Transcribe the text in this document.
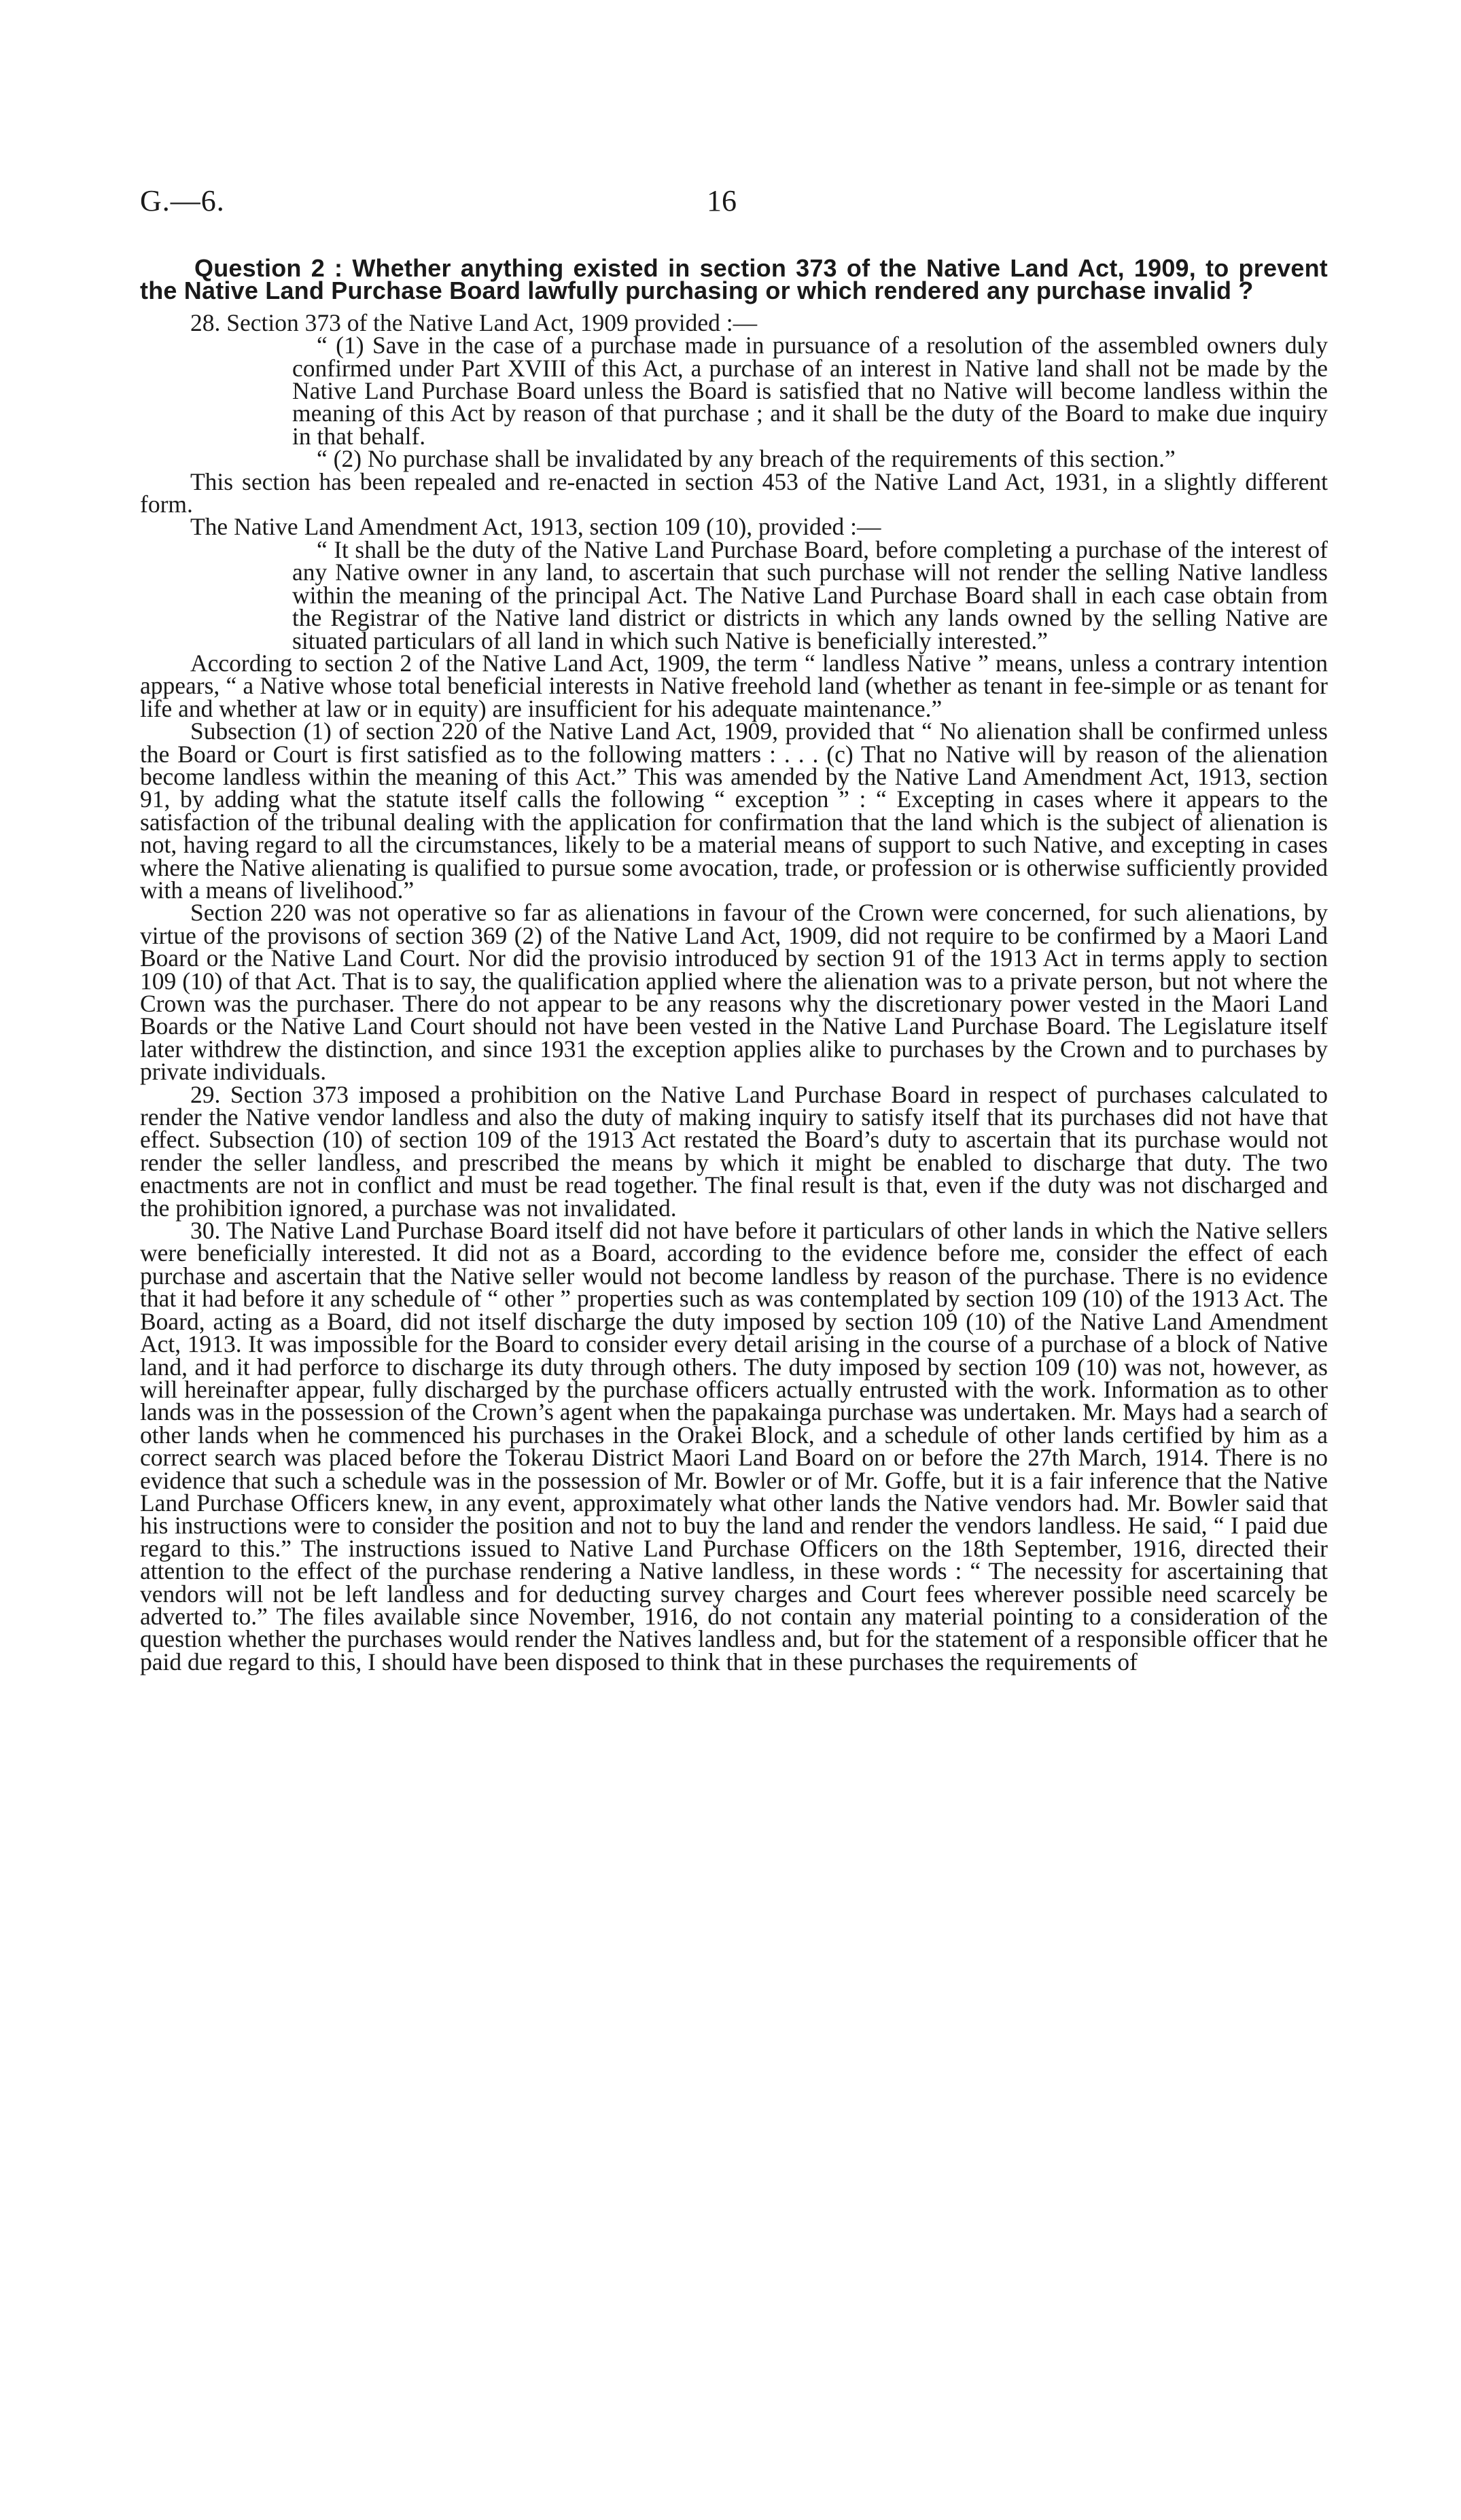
G.—6.	16

Question 2 : Whether anything existed in section 373 of the Native Land Act, 1909, to prevent the Native Land Purchase Board lawfully purchasing or which rendered any purchase invalid ?

28. Section 373 of the Native Land Act, 1909 provided :—

“ (1) Save in the case of a purchase made in pursuance of a resolution of the assembled owners duly confirmed under Part XVIII of this Act, a purchase of an interest in Native land shall not be made by the Native Land Purchase Board unless the Board is satisfied that no Native will become landless within the meaning of this Act by reason of that purchase ; and it shall be the duty of the Board to make due inquiry in that behalf.

“ (2) No purchase shall be invalidated by any breach of the requirements of this section.”

This section has been repealed and re-enacted in section 453 of the Native Land Act, 1931, in a slightly different form.

The Native Land Amendment Act, 1913, section 109 (10), provided :—

“ It shall be the duty of the Native Land Purchase Board, before completing a purchase of the interest of any Native owner in any land, to ascertain that such purchase will not render the selling Native landless within the meaning of the principal Act. The Native Land Purchase Board shall in each case obtain from the Registrar of the Native land district or districts in which any lands owned by the selling Native are situated particulars of all land in which such Native is beneficially interested.”

According to section 2 of the Native Land Act, 1909, the term “ landless Native ” means, unless a contrary intention appears, “ a Native whose total beneficial interests in Native freehold land (whether as tenant in fee-simple or as tenant for life and whether at law or in equity) are insufficient for his adequate maintenance.”

Subsection (1) of section 220 of the Native Land Act, 1909, provided that “ No alienation shall be confirmed unless the Board or Court is first satisfied as to the following matters : . . . (c) That no Native will by reason of the alienation become landless within the meaning of this Act.” This was amended by the Native Land Amendment Act, 1913, section 91, by adding what the statute itself calls the following “ exception ” : “ Excepting in cases where it appears to the satisfaction of the tribunal dealing with the application for confirmation that the land which is the subject of alienation is not, having regard to all the circumstances, likely to be a material means of support to such Native, and excepting in cases where the Native alienating is qualified to pursue some avocation, trade, or profession or is otherwise sufficiently provided with a means of livelihood.”

Section 220 was not operative so far as alienations in favour of the Crown were concerned, for such alienations, by virtue of the provisons of section 369 (2) of the Native Land Act, 1909, did not require to be confirmed by a Maori Land Board or the Native Land Court. Nor did the provisio introduced by section 91 of the 1913 Act in terms apply to section 109 (10) of that Act. That is to say, the qualification applied where the alienation was to a private person, but not where the Crown was the purchaser. There do not appear to be any reasons why the discretionary power vested in the Maori Land Boards or the Native Land Court should not have been vested in the Native Land Purchase Board. The Legislature itself later withdrew the distinction, and since 1931 the exception applies alike to purchases by the Crown and to purchases by private individuals.

29. Section 373 imposed a prohibition on the Native Land Purchase Board in respect of purchases calculated to render the Native vendor landless and also the duty of making inquiry to satisfy itself that its purchases did not have that effect. Subsection (10) of section 109 of the 1913 Act restated the Board’s duty to ascertain that its purchase would not render the seller landless, and prescribed the means by which it might be enabled to discharge that duty. The two enactments are not in conflict and must be read together. The final result is that, even if the duty was not discharged and the prohibition ignored, a purchase was not invalidated.

30. The Native Land Purchase Board itself did not have before it particulars of other lands in which the Native sellers were beneficially interested. It did not as a Board, according to the evidence before me, consider the effect of each purchase and ascertain that the Native seller would not become landless by reason of the purchase. There is no evidence that it had before it any schedule of “ other ” properties such as was contemplated by section 109 (10) of the 1913 Act. The Board, acting as a Board, did not itself discharge the duty imposed by section 109 (10) of the Native Land Amendment Act, 1913. It was impossible for the Board to consider every detail arising in the course of a purchase of a block of Native land, and it had perforce to discharge its duty through others. The duty imposed by section 109 (10) was not, however, as will hereinafter appear, fully discharged by the purchase officers actually entrusted with the work. Information as to other lands was in the possession of the Crown’s agent when the papakainga purchase was undertaken. Mr. Mays had a search of other lands when he commenced his purchases in the Orakei Block, and a schedule of other lands certified by him as a correct search was placed before the Tokerau District Maori Land Board on or before the 27th March, 1914. There is no evidence that such a schedule was in the possession of Mr. Bowler or of Mr. Goffe, but it is a fair inference that the Native Land Purchase Officers knew, in any event, approximately what other lands the Native vendors had. Mr. Bowler said that his instructions were to consider the position and not to buy the land and render the vendors landless. He said, “ I paid due regard to this.” The instructions issued to Native Land Purchase Officers on the 18th September, 1916, directed their attention to the effect of the purchase rendering a Native landless, in these words : “ The necessity for ascertaining that vendors will not be left landless and for deducting survey charges and Court fees wherever possible need scarcely be adverted to.” The files available since November, 1916, do not contain any material pointing to a consideration of the question whether the purchases would render the Natives landless and, but for the statement of a responsible officer that he paid due regard to this, I should have been disposed to think that in these purchases the requirements of
